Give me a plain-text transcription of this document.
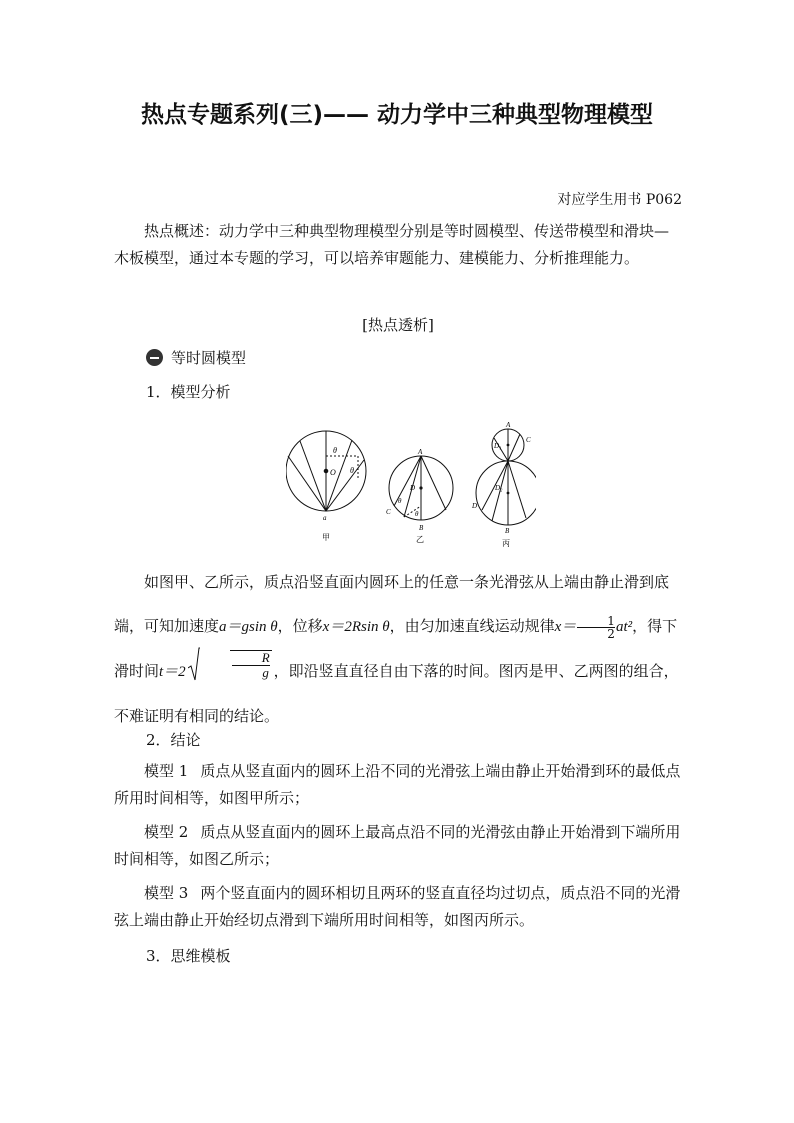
热点专题系列(三)—— 动力学中三种典型物理模型
对应学生用书 P062

热点概述：动力学中三种典型物理模型分别是等时圆模型、传送带模型和滑块—木板模型，通过本专题的学习，可以培养审题能力、建模能力、分析推理能力。

[热点透析]
等时圆模型
1．模型分析
θ
θ
O
a
甲
A
D
C
B
θ
θ
乙
A
C
D₁
D₂
D
B
丙

如图甲、乙所示，质点沿竖直面内圆环上的任意一条光滑弦从上端由静止滑到底端，可知加速度a＝gsin θ，位移x＝2Rsin θ，由匀加速直线运动规律$x=\frac{1}{2} at^2$，得下滑时间t＝2	$\frac{R}{g}$ ，即沿竖直直径自由下落的时间。图丙是甲、乙两图的组合，不难证明有相同的结论。

2．结论

模型 1 质点从竖直面内的圆环上沿不同的光滑弦上端由静止开始滑到环的最低点所用时间相等，如图甲所示；

模型 2 质点从竖直面内的圆环上最高点沿不同的光滑弦由静止开始滑到下端所用时间相等，如图乙所示；

模型 3 两个竖直面内的圆环相切且两环的竖直直径均过切点，质点沿不同的光滑弦上端由静止开始经切点滑到下端所用时间相等，如图丙所示。

3．思维模板
